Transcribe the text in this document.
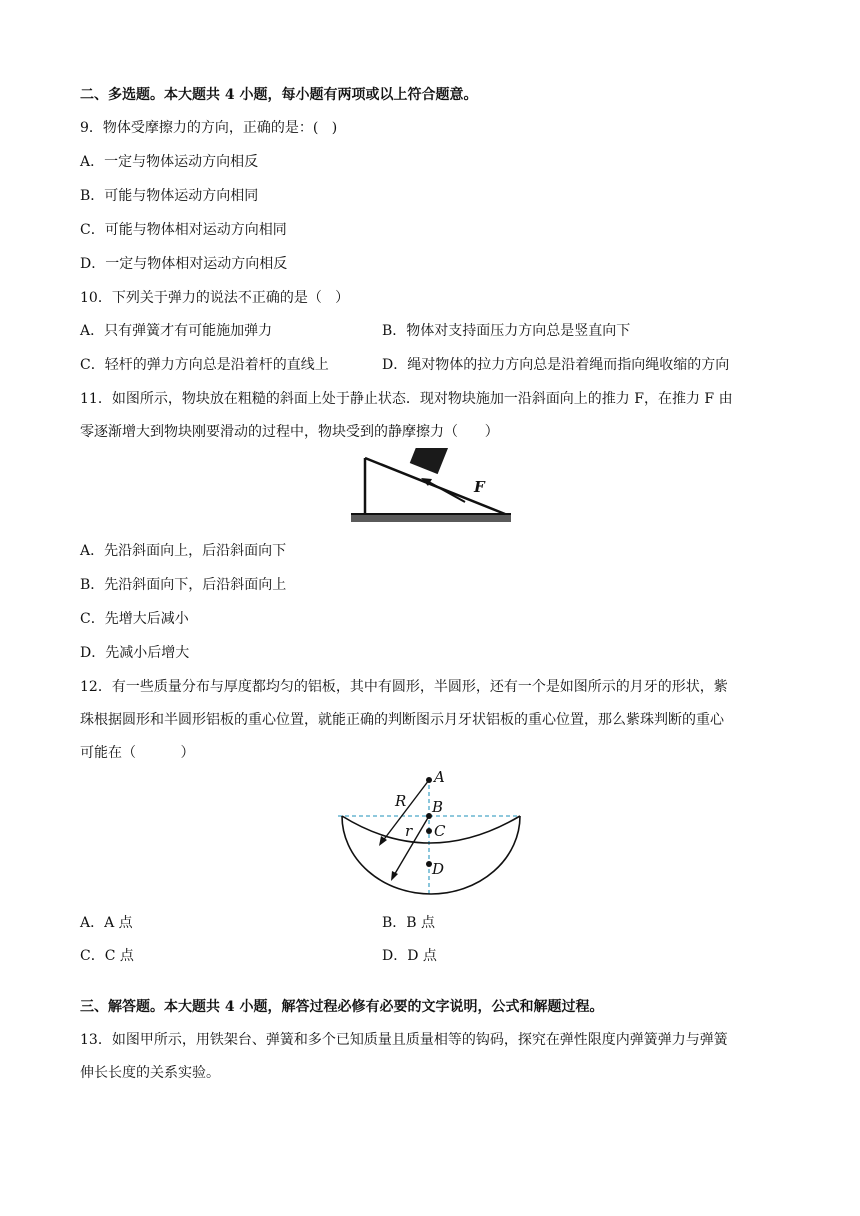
二、多选题。本大题共 4 小题，每小题有两项或以上符合题意。
9．物体受摩擦力的方向，正确的是：(   )
A．一定与物体运动方向相反
B．可能与物体运动方向相同
C．可能与物体相对运动方向相同
D．一定与物体相对运动方向相反
10．下列关于弹力的说法不正确的是（   ）
A．只有弹簧才有可能施加弹力	B．物体对支持面压力方向总是竖直向下
C．轻杆的弹力方向总是沿着杆的直线上	D．绳对物体的拉力方向总是沿着绳而指向绳收缩的方向
11．如图所示，物块放在粗糙的斜面上处于静止状态．现对物块施加一沿斜面向上的推力 F，在推力 F 由
零逐渐增大到物块刚要滑动的过程中，物块受到的静摩擦力（      ）
F
A．先沿斜面向上，后沿斜面向下
B．先沿斜面向下，后沿斜面向上
C．先增大后减小
D．先减小后增大
12．有一些质量分布与厚度都均匀的铝板，其中有圆形，半圆形，还有一个是如图所示的月牙的形状，紫
珠根据圆形和半圆形铝板的重心位置，就能正确的判断图示月牙状铝板的重心位置，那么紫珠判断的重心
可能在（          ）
A
B
C
D
R
r
A．A 点	B．B 点
C．C 点	D．D 点
三、解答题。本大题共 4 小题，解答过程必修有必要的文字说明，公式和解题过程。
13．如图甲所示，用铁架台、弹簧和多个已知质量且质量相等的钩码，探究在弹性限度内弹簧弹力与弹簧
伸长长度的关系实验。
